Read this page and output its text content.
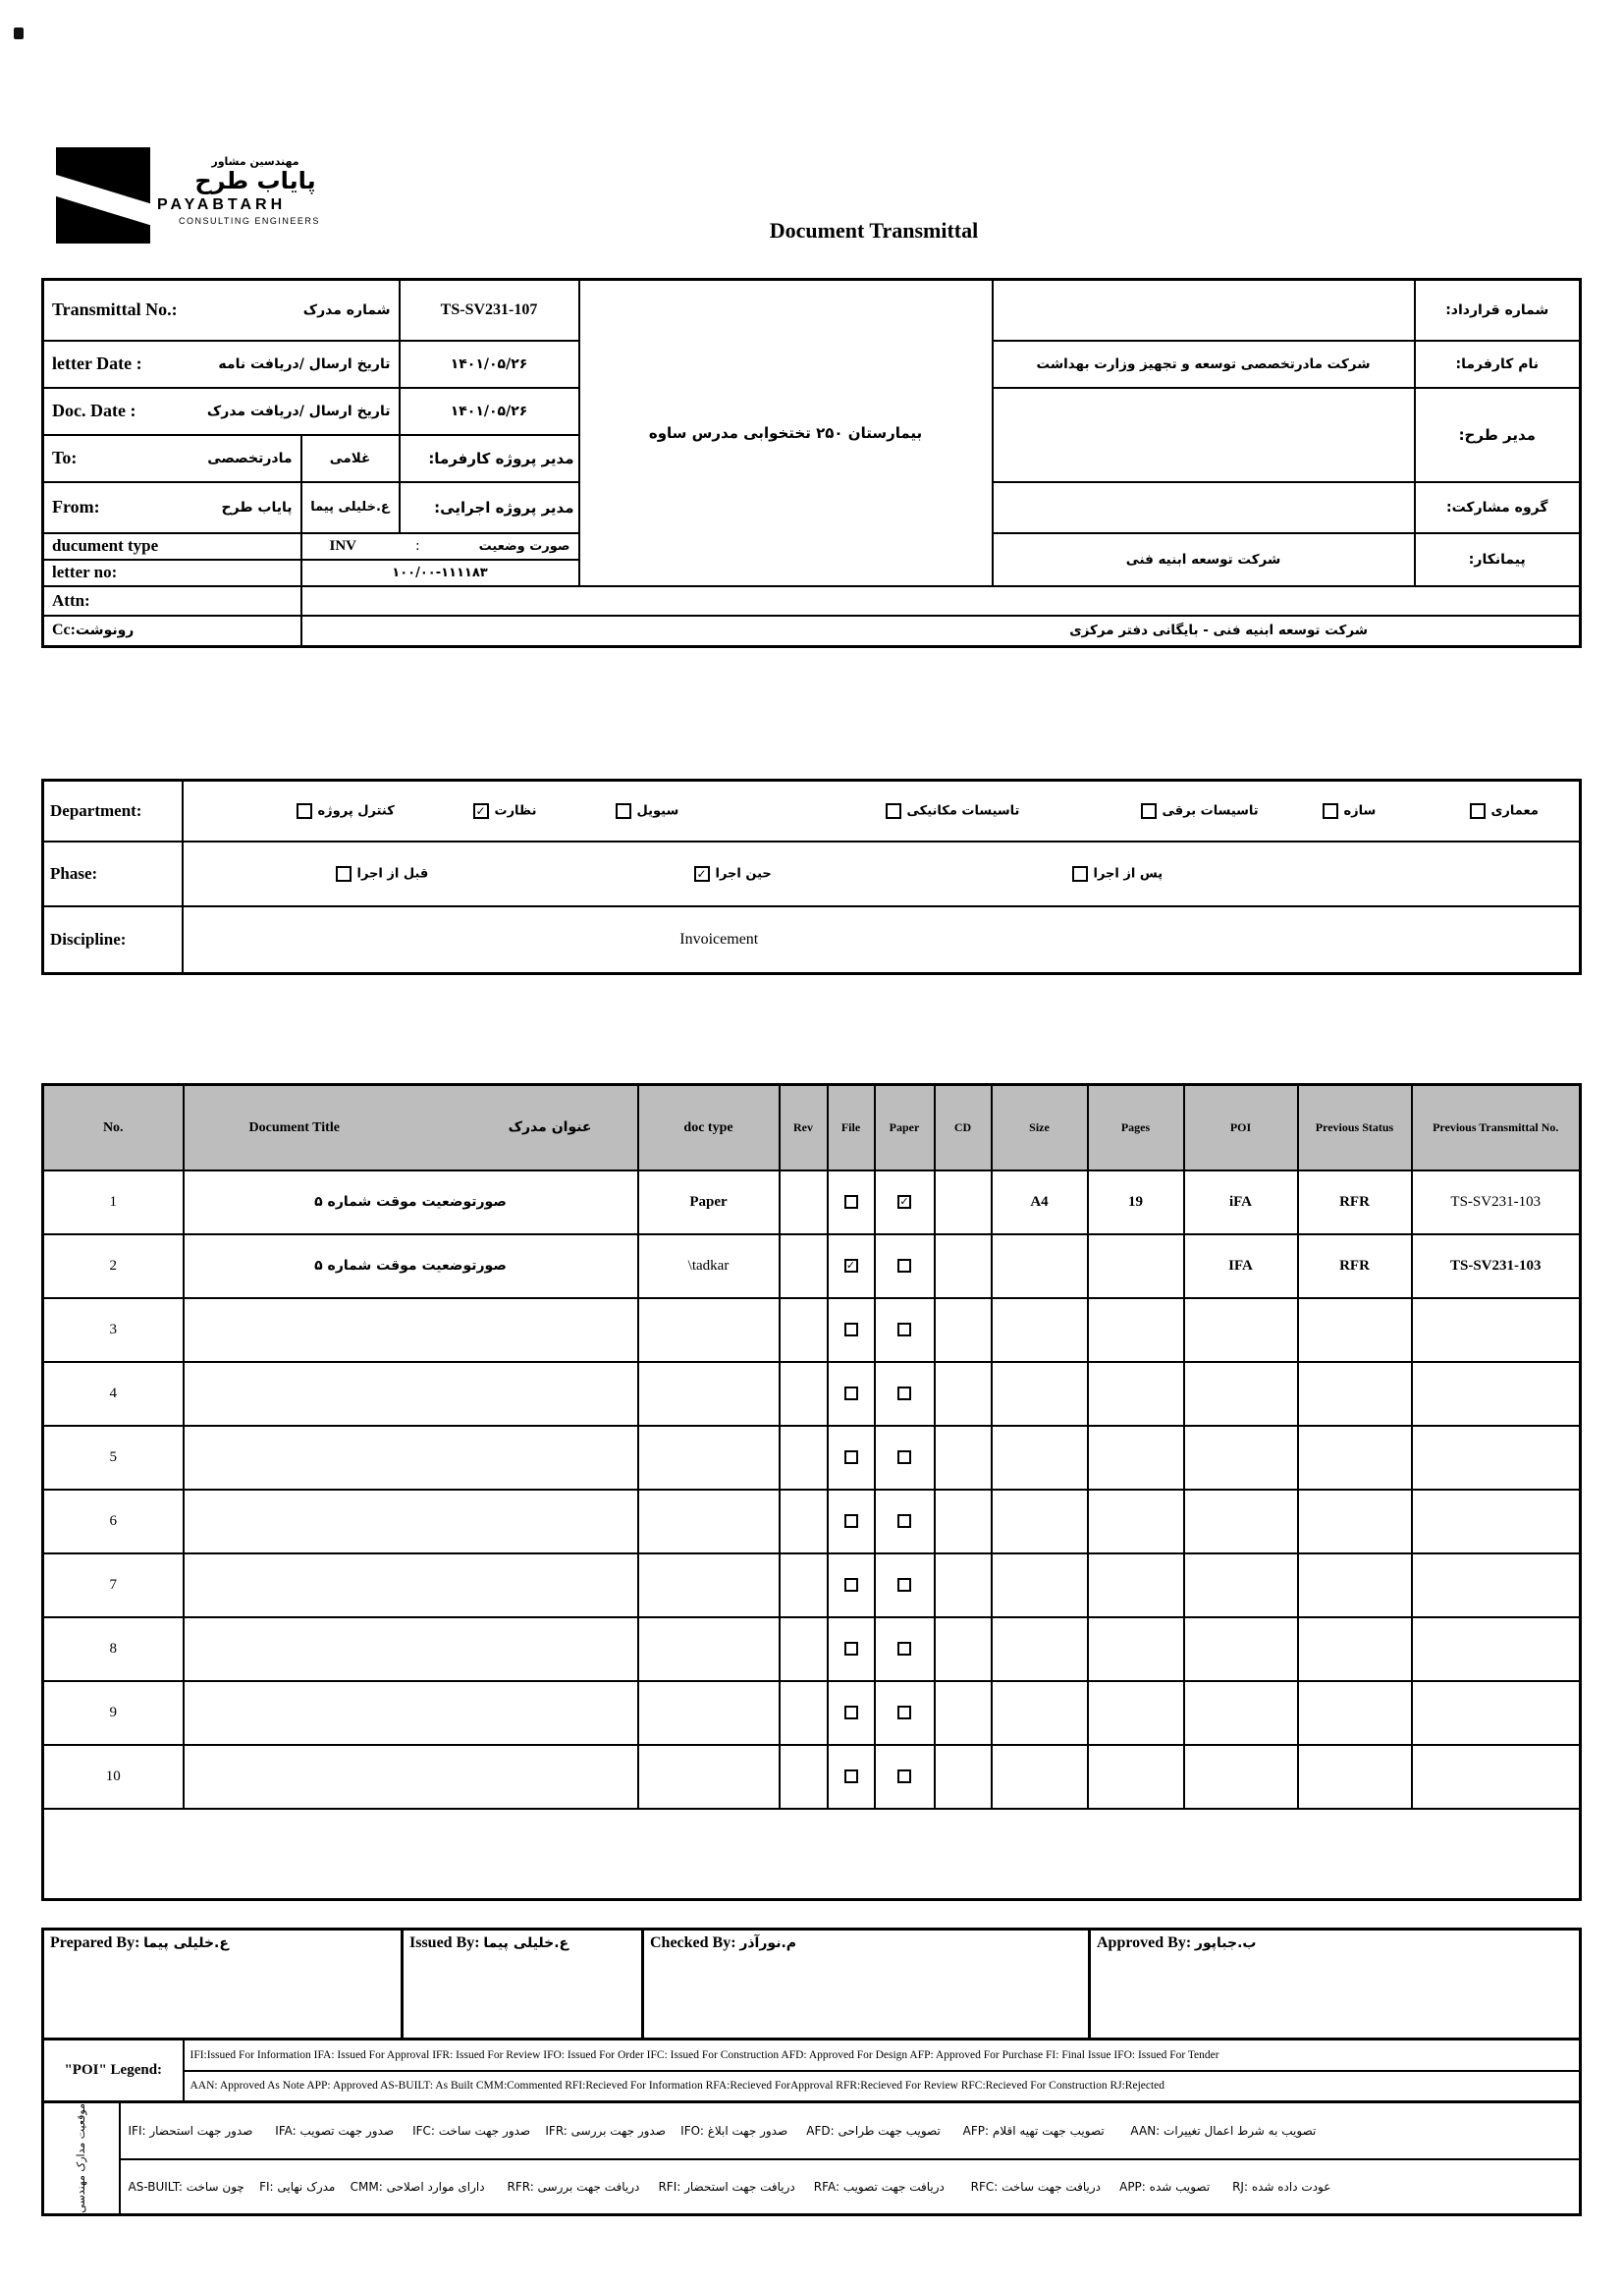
مهندسین مشاور
پایاب طرح
PAYABTARH
CONSULTING ENGINEERS	Document Transmittal
Transmittal No.: شماره مدرک		TS-SV231-107	بیمارستان ۲۵۰ تختخوابی مدرس ساوه		شماره قرارداد:

letter Date : تاریخ ارسال /دریافت نامه		۱۴۰۱/۰۵/۲۶		شرکت مادرتخصصی توسعه و تجهیز وزارت بهداشت	نام کارفرما:

Doc. Date : تاریخ ارسال /دریافت مدرک		۱۴۰۱/۰۵/۲۶			مدیر طرح:

To: مادرتخصصی	غلامی	مدیر پروژه کارفرما:			

From: پایاب طرح	ع.خلیلی پیما	مدیر پروژه اجرایی:			گروه مشارکت:
ducument type	INV : صورت وضعیت			شرکت توسعه ابنیه فنی	پیمانکار:
letter no:	۱۰۰/۰۰-۱۱۱۱۸۳				
Attn:					
Cc:رونوشت	شرکت توسعه ابنیه فنی - بایگانی دفتر مرکزی				
Department:	کنترل پروژه	✓ نظارت	سیویل	تاسیسات مکانیکی	تاسیسات برقی	سازه	معماری

Phase:	قبل از اجرا ✓ حین اجرا پس از اجرا

Discipline:	Invoicement
No.	Document Title عنوان مدرک	doc type	Rev	File	Paper	CD	Size	Pages	POI	Previous Status	Previous Transmittal No.
1	صورتوضعیت موقت شماره ۵	Paper			✓		A4	19	iFA	RFR	TS-SV231-103
2	صورتوضعیت موقت شماره ۵	\tadkar		✓					IFA	RFR	TS-SV231-103
3											
4											
5											
6											
7											
8											
9											
10											

Prepared By: ع.خلیلی پیما	Issued By: ع.خلیلی پیما	Checked By: م.نورآذر	Approved By: ب.جباپور
"POI" Legend:	IFI:Issued For Information IFA: Issued For Approval IFR: Issued For Review IFO: Issued For Order IFC: Issued For Construction AFD: Approved For Design AFP: Approved For Purchase FI: Final Issue IFO: Issued For Tender
AAN: Approved As Note APP: Approved AS-BUILT: As Built CMM:Commented RFI:Recieved For Information RFA:Recieved ForApproval RFR:Recieved For Review RFC:Recieved For Construction RJ:Rejected
موقعیت مدارک مهندسی	IFI: صدور جهت استحضار      IFA: صدور جهت تصویب     IFC: صدور جهت ساخت    IFR: صدور جهت بررسی    IFO: صدور جهت ابلاغ     AFD: تصویب جهت طراحی      AFP: تصویب جهت تهیه اقلام       AAN: تصویب به شرط اعمال تغییرات
AS-BUILT: چون ساخت    FI: مدرک نهایی    CMM: دارای موارد اصلاحی      RFR: دریافت جهت بررسی     RFI: دریافت جهت استحضار     RFA: دریافت جهت تصویب       RFC: دریافت جهت ساخت     APP: تصویب شده      RJ: عودت داده شده
